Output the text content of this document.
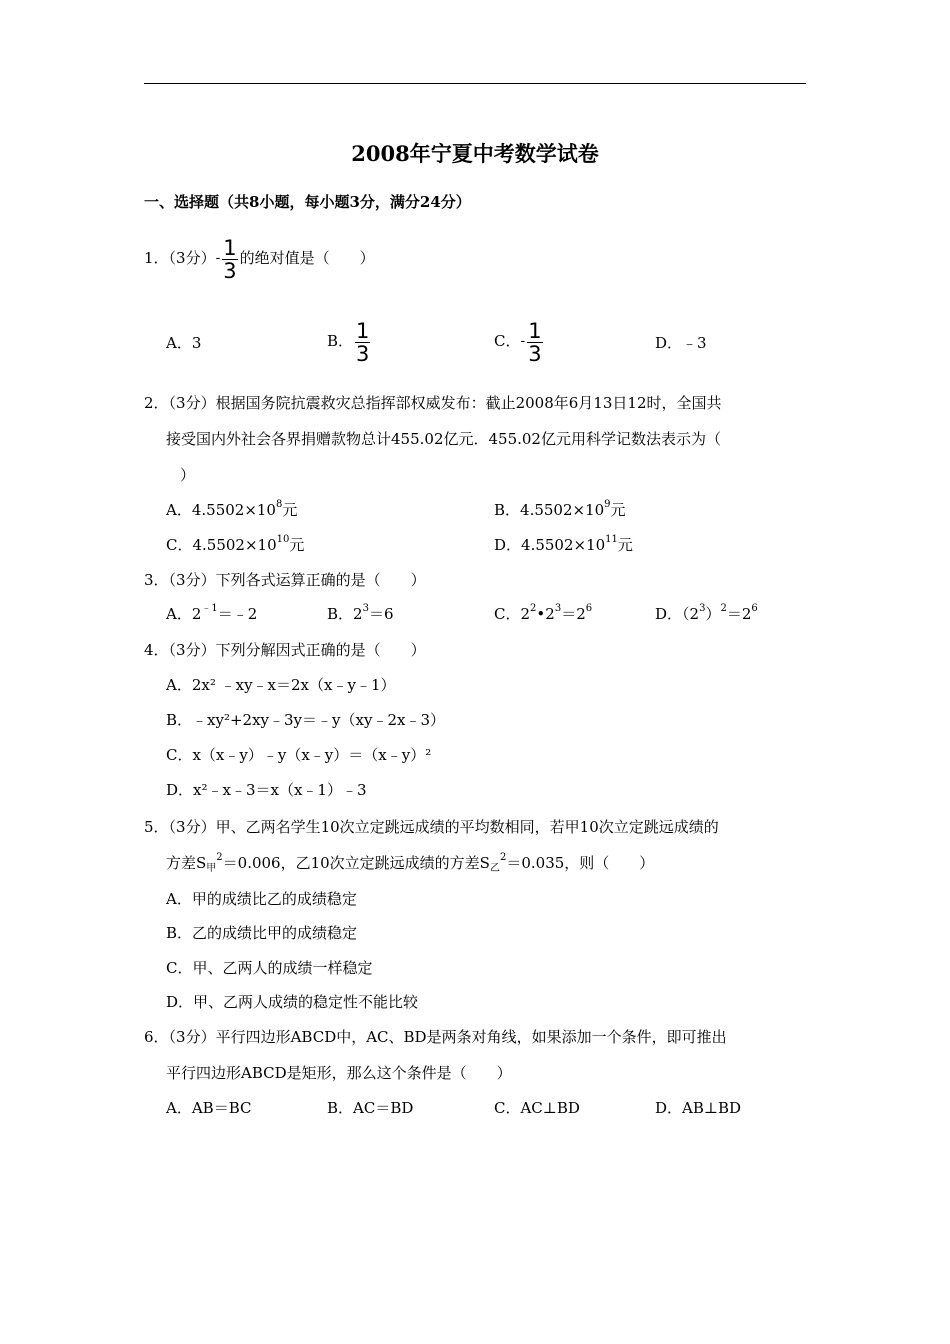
2008年宁夏中考数学试卷
一、选择题（共8小题，每小题3分，满分24分）
1．（3分）- $\frac{1}{3}$ 的绝对值是（　　）
A．3	B． $\frac{1}{3}$	C．- $\frac{1}{3}$	D．﹣3
2．（3分）根据国务院抗震救灾总指挥部权威发布：截止2008年6月13日12时，全国共
接受国内外社会各界捐赠款物总计455.02亿元．455.02亿元用科学记数法表示为（
）
A．$4.5502\times 10^8$元	B．$4.5502\times 10^9$元
C．$4.5502\times 10^{10}$元	D．$4.5502\times 10^{11}$元
3．（3分）下列各式运算正确的是（　　）
A．$2^{﹣1}=﹣2$	B．$2^3=6$	C．$2^2•2^3=2^6$	D．$(2^3)^2=2^6$
4．（3分）下列分解因式正确的是（　　）
A．2x² ﹣xy﹣x＝2x（x﹣y﹣1）
B．﹣xy²+2xy﹣3y＝﹣y（xy﹣2x﹣3）
C．x（x﹣y）﹣y（x﹣y）＝（x﹣y）²
D．x²﹣x﹣3＝x（x﹣1）﹣3
5．（3分）甲、乙两名学生10次立定跳远成绩的平均数相同，若甲10次立定跳远成绩的
方差$S_甲^2=0.006$，乙10次立定跳远成绩的方差$S_乙^2=0.035$，则（　　）
A．甲的成绩比乙的成绩稳定
B．乙的成绩比甲的成绩稳定
C．甲、乙两人的成绩一样稳定
D．甲、乙两人成绩的稳定性不能比较
6．（3分）平行四边形ABCD中，AC、BD是两条对角线，如果添加一个条件，即可推出
平行四边形ABCD是矩形，那么这个条件是（　　）
A．AB＝BC	B．AC＝BD	C．AC⊥BD	D．AB⊥BD
